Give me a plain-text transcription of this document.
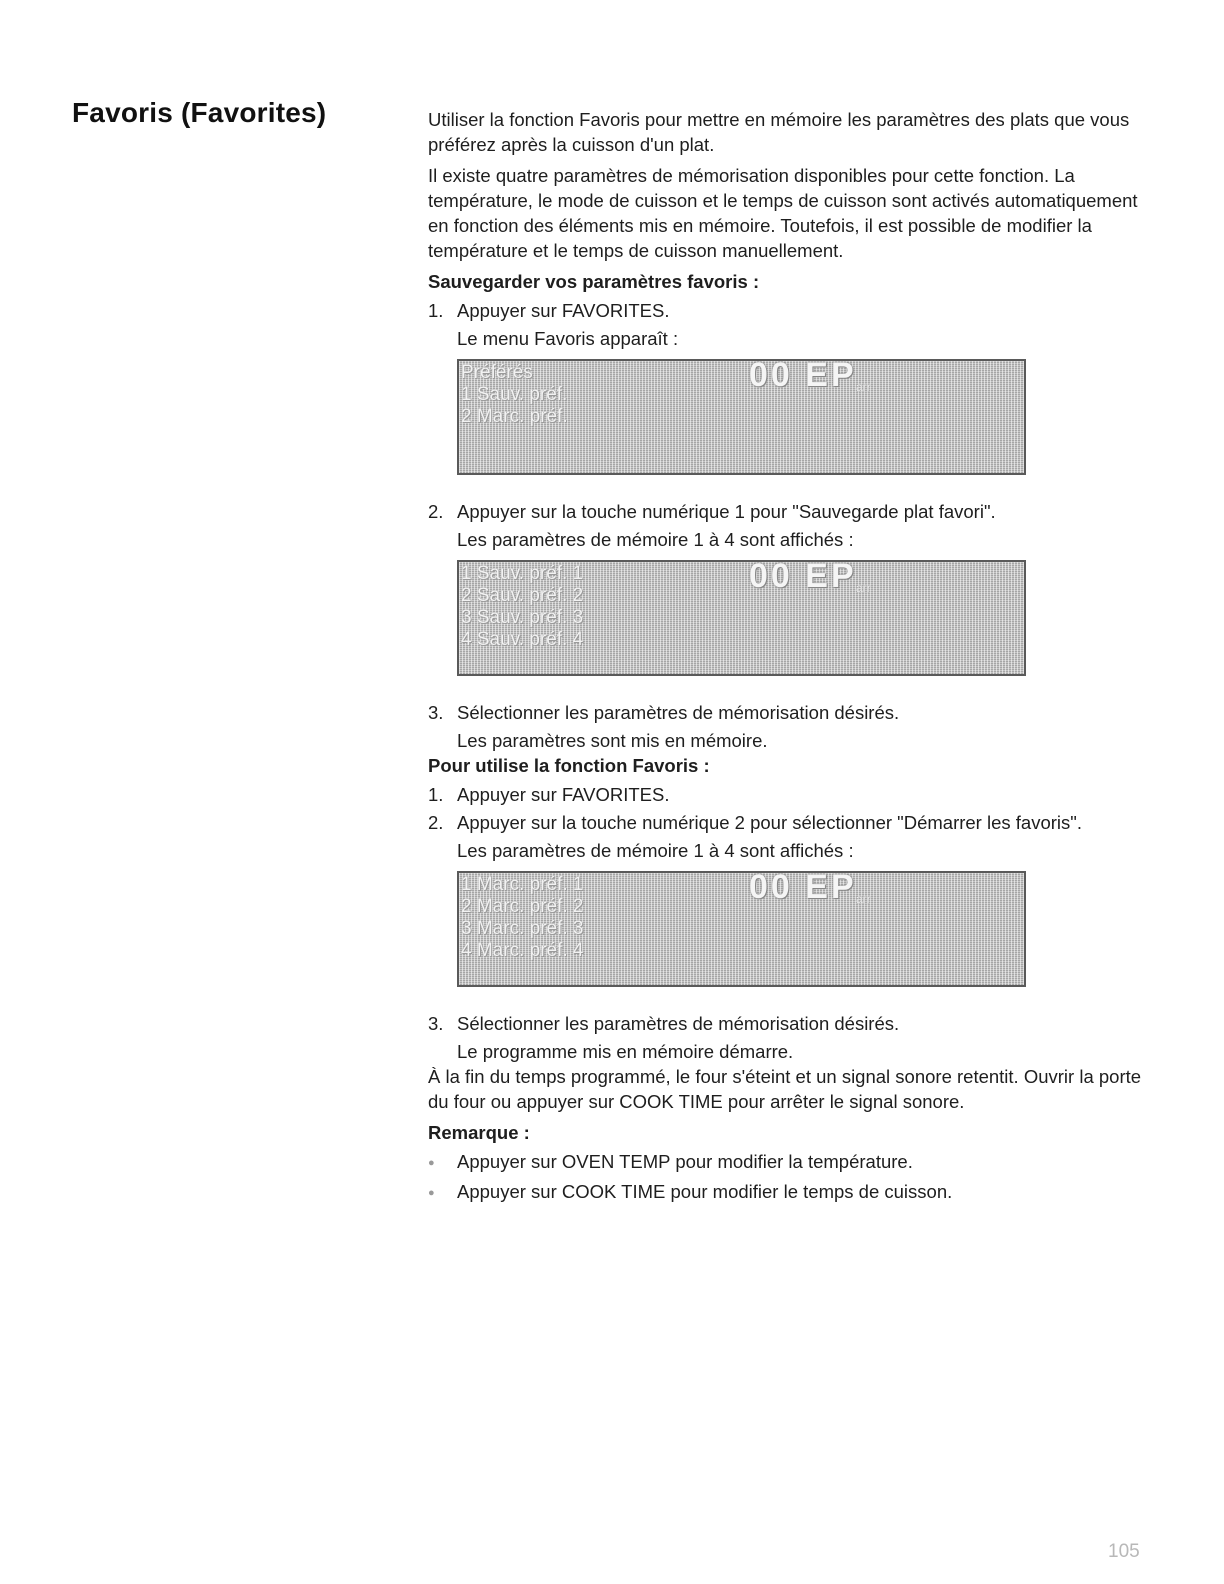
Favoris (Favorites)	Utiliser la fonction Favoris pour mettre en mémoire les paramètres des plats que vous préférez après la cuisson d'un plat.

Il existe quatre paramètres de mémorisation disponibles pour cette fonction. La température, le mode de cuisson et le temps de cuisson sont activés automatiquement en fonction des éléments mis en mémoire. Toutefois, il est possible de modifier la température et le temps de cuisson manuellement.

Sauvegarder vos paramètres favoris :
1. Appuyer sur FAVORITES.
Le menu Favoris apparaît :
Préférés
1 Sauv. préf.
2 Marc. préf.
00 EP arr
2. Appuyer sur la touche numérique 1 pour "Sauvegarde plat favori".
Les paramètres de mémoire 1 à 4 sont affichés :
1 Sauv. préf. 1
2 Sauv. préf. 2
3 Sauv. préf. 3
4 Sauv. préf. 4
00 EP arr
3. Sélectionner les paramètres de mémorisation désirés.
Les paramètres sont mis en mémoire.
Pour utilise la fonction Favoris :
1. Appuyer sur FAVORITES.
2. Appuyer sur la touche numérique 2 pour sélectionner "Démarrer les favoris".
Les paramètres de mémoire 1 à 4 sont affichés :
1 Marc. préf. 1
2 Marc. préf. 2
3 Marc. préf. 3
4 Marc. préf. 4
00 EP arr
3. Sélectionner les paramètres de mémorisation désirés.
Le programme mis en mémoire démarre.

À la fin du temps programmé, le four s'éteint et un signal sonore retentit. Ouvrir la porte du four ou appuyer sur COOK TIME pour arrêter le signal sonore.

Remarque :
●	Appuyer sur OVEN TEMP pour modifier la température.
●	Appuyer sur COOK TIME pour modifier le temps de cuisson.
105
